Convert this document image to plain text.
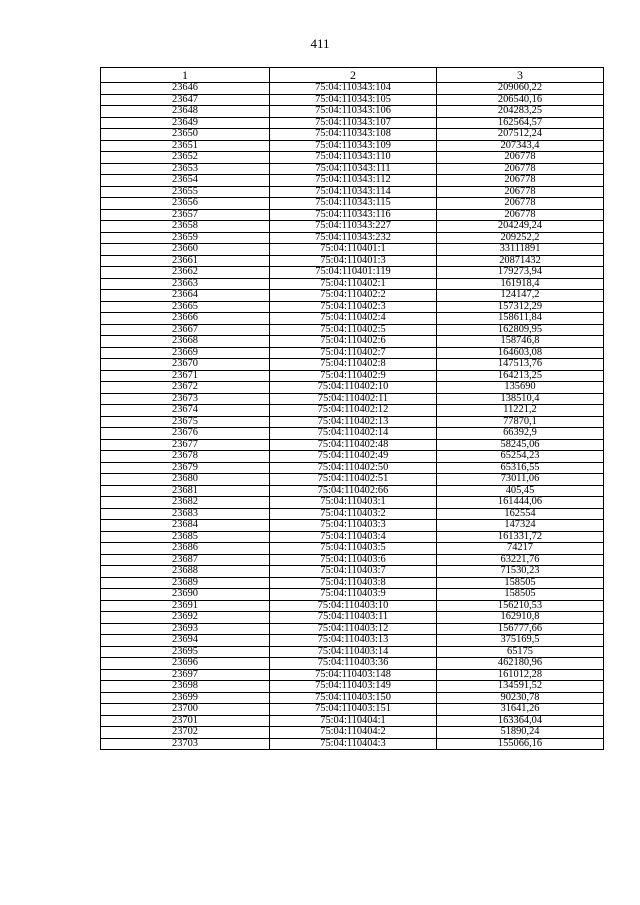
411
1	2	3
23646	75:04:110343:104	209060,22
23647	75:04:110343:105	206540,16
23648	75:04:110343:106	204283,25
23649	75:04:110343:107	162564,57
23650	75:04:110343:108	207512,24
23651	75:04:110343:109	207343,4
23652	75:04:110343:110	206778
23653	75:04:110343:111	206778
23654	75:04:110343:112	206778
23655	75:04:110343:114	206778
23656	75:04:110343:115	206778
23657	75:04:110343:116	206778
23658	75:04:110343:227	204249,24
23659	75:04:110343:232	209252,2
23660	75:04:110401:1	33111891
23661	75:04:110401:3	20871432
23662	75:04:110401:119	179273,94
23663	75:04:110402:1	161918,4
23664	75:04:110402:2	124147,2
23665	75:04:110402:3	157312,29
23666	75:04:110402:4	158611,84
23667	75:04:110402:5	162809,95
23668	75:04:110402:6	158746,8
23669	75:04:110402:7	164603,08
23670	75:04:110402:8	147513,76
23671	75:04:110402:9	164213,25
23672	75:04:110402:10	135690
23673	75:04:110402:11	138510,4
23674	75:04:110402:12	11221,2
23675	75:04:110402:13	77870,1
23676	75:04:110402:14	66392,9
23677	75:04:110402:48	58245,06
23678	75:04:110402:49	65254,23
23679	75:04:110402:50	65316,55
23680	75:04:110402:51	73011,06
23681	75:04:110402:66	405,45
23682	75:04:110403:1	161444,06
23683	75:04:110403:2	162554
23684	75:04:110403:3	147324
23685	75:04:110403:4	161331,72
23686	75:04:110403:5	74217
23687	75:04:110403:6	63221,76
23688	75:04:110403:7	71530,23
23689	75:04:110403:8	158505
23690	75:04:110403:9	158505
23691	75:04:110403:10	156210,53
23692	75:04:110403:11	162910,8
23693	75:04:110403:12	156777,66
23694	75:04:110403:13	375169,5
23695	75:04:110403:14	65175
23696	75:04:110403:36	462180,96
23697	75:04:110403:148	161012,28
23698	75:04:110403:149	134591,52
23699	75:04:110403:150	90230,78
23700	75:04:110403:151	31641,26
23701	75:04:110404:1	163364,04
23702	75:04:110404:2	51890,24
23703	75:04:110404:3	155066,16
